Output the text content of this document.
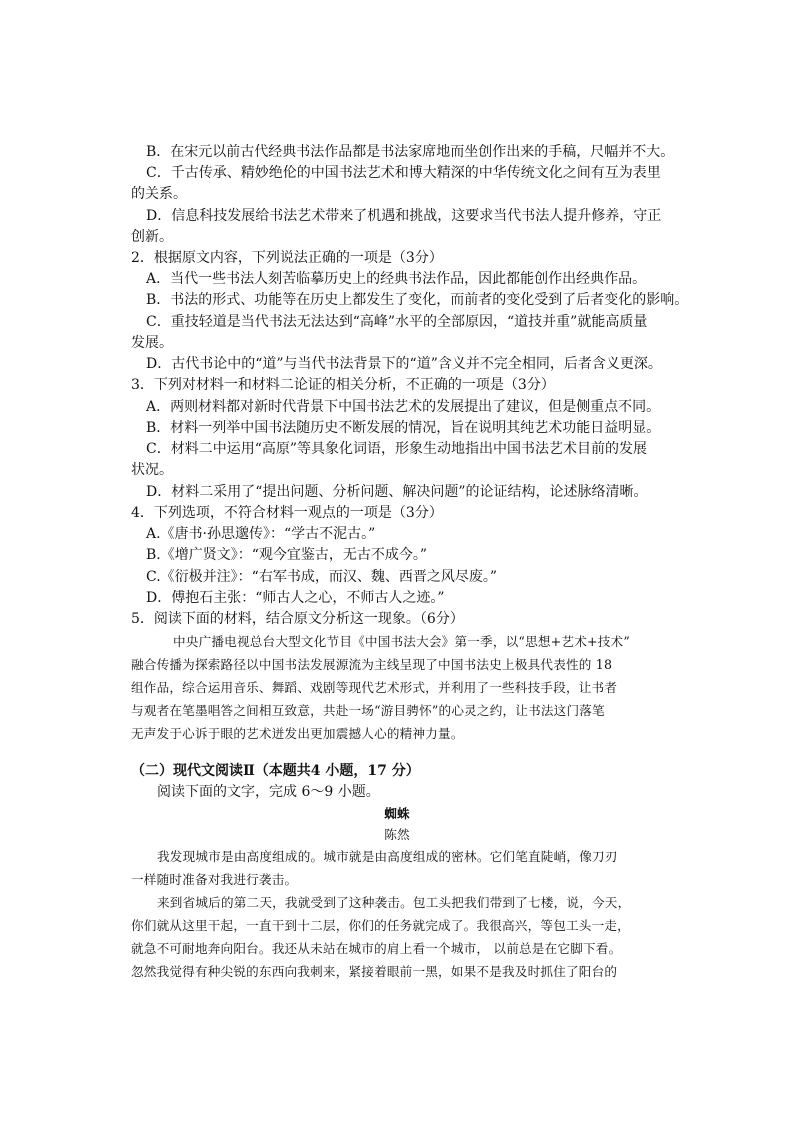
B．在宋元以前古代经典书法作品都是书法家席地而坐创作出来的手稿，尺幅并不大。
C．千古传承、精妙绝伦的中国书法艺术和博大精深的中华传统文化之间有互为表里
的关系。
D．信息科技发展给书法艺术带来了机遇和挑战，这要求当代书法人提升修养，守正
创新。
2．根据原文内容，下列说法正确的一项是（3分）
A．当代一些书法人刻苦临摹历史上的经典书法作品，因此都能创作出经典作品。
B．书法的形式、功能等在历史上都发生了变化，而前者的变化受到了后者变化的影响。
C．重技轻道是当代书法无法达到“高峰”水平的全部原因，“道技并重”就能高质量
发展。
D．古代书论中的“道”与当代书法背景下的“道”含义并不完全相同，后者含义更深。
3．下列对材料一和材料二论证的相关分析，不正确的一项是（3分）
A．两则材料都对新时代背景下中国书法艺术的发展提出了建议，但是侧重点不同。
B．材料一列举中国书法随历史不断发展的情况，旨在说明其纯艺术功能日益明显。
C．材料二中运用“高原”等具象化词语，形象生动地指出中国书法艺术目前的发展
状况。
D．材料二采用了“提出问题、分析问题、解决问题”的论证结构，论述脉络清晰。
4．下列选项，不符合材料一观点的一项是（3分）
A.《唐书·孙思邈传》：“学古不泥古。”
B.《增广贤文》：“观今宜鉴古，无古不成今。”
C.《衍极并注》：“右军书成，而汉、魏、西晋之风尽废。”
D．傅抱石主张：“师古人之心，不师古人之迹。”
5．阅读下面的材料，结合原文分析这一现象。（6分）
中央广播电视总台大型文化节目《中国书法大会》第一季，以“思想+艺术+技术”
融合传播为探索路径以中国书法发展源流为主线呈现了中国书法史上极具代表性的 18
组作品，综合运用音乐、舞蹈、戏剧等现代艺术形式，并利用了一些科技手段，让书者
与观者在笔墨唱答之间相互致意，共赴一场“游目骋怀”的心灵之约，让书法这门落笔
无声发于心诉于眼的艺术迸发出更加震撼人心的精神力量。
（二）现代文阅读Ⅱ（本题共4 小题，17 分）
阅读下面的文字，完成 6～9 小题。
蜘蛛
陈然
我发现城市是由高度组成的。城市就是由高度组成的密林。它们笔直陡峭，像刀刃
一样随时准备对我进行袭击。
来到省城后的第二天，我就受到了这种袭击。包工头把我们带到了七楼，说，今天，
你们就从这里干起，一直干到十二层，你们的任务就完成了。我很高兴，等包工头一走，
就急不可耐地奔向阳台。我还从未站在城市的肩上看一个城市， 以前总是在它脚下看。
忽然我觉得有种尖锐的东西向我刺来，紧接着眼前一黑，如果不是我及时抓住了阳台的
